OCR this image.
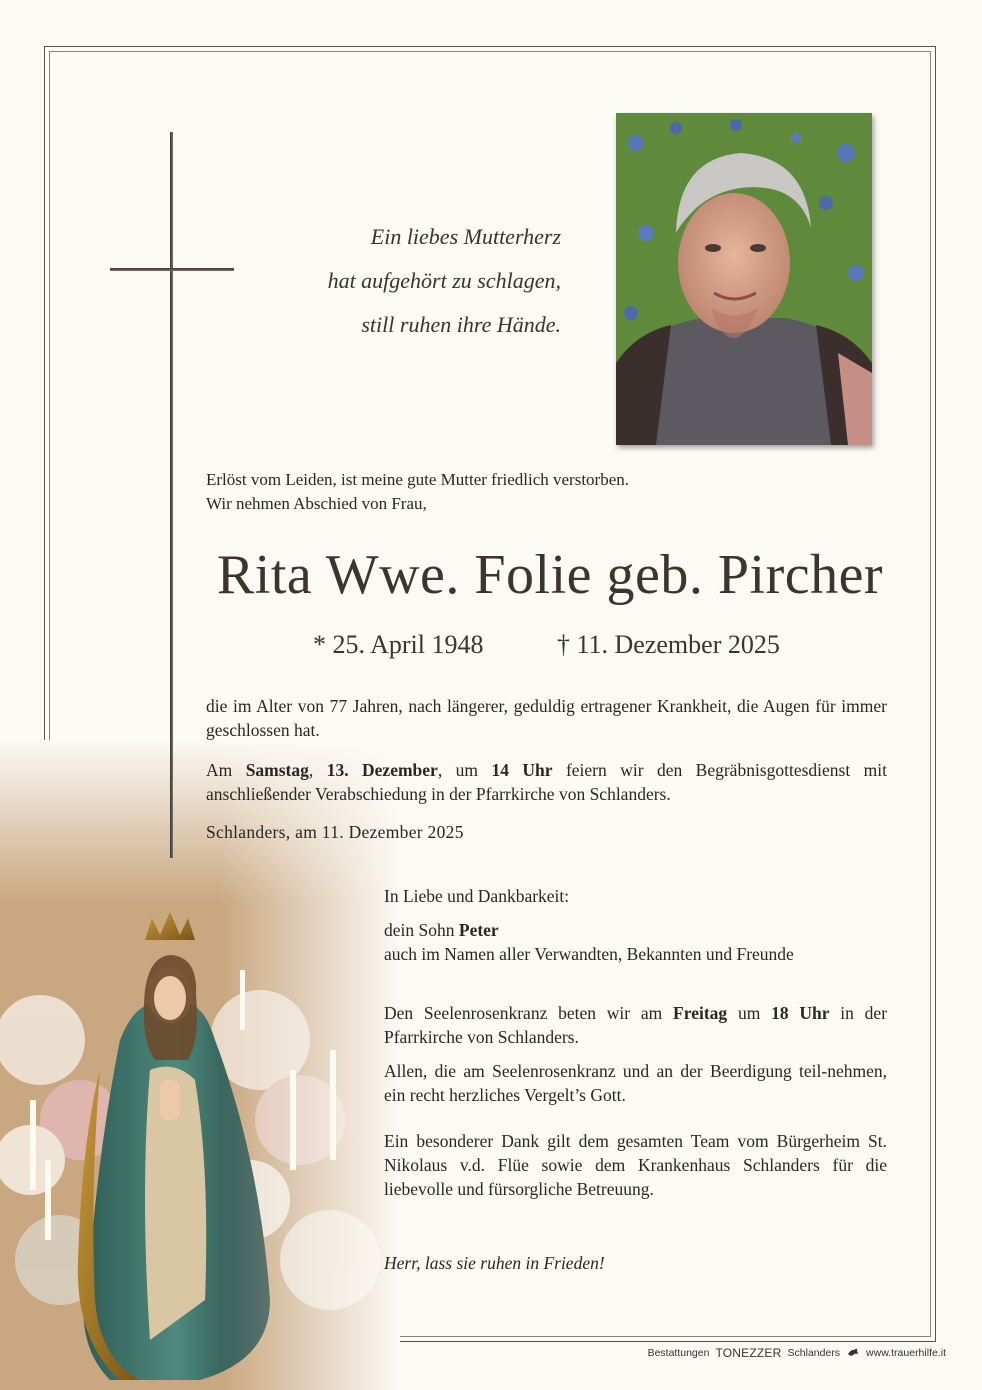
Ein liebes Mutterherz
hat aufgehört zu schlagen,
still ruhen ihre Hände.
Erlöst vom Leiden, ist meine gute Mutter friedlich verstorben.
Wir nehmen Abschied von Frau,
Rita Wwe. Folie geb. Pircher
* 25. April 1948	† 11. Dezember 2025
die im Alter von 77 Jahren, nach längerer, geduldig ertragener Krankheit, die Augen für immer geschlossen hat.
Am Samstag, 13. Dezember, um 14 Uhr feiern wir den Begräbnisgottesdienst mit anschließender Verabschiedung in der Pfarrkirche von Schlanders.
Schlanders, am 11. Dezember 2025
In Liebe und Dankbarkeit:
dein Sohn Peter
auch im Namen aller Verwandten, Bekannten und Freunde
Den Seelenrosenkranz beten wir am Freitag um 18 Uhr in der Pfarrkirche von Schlanders.
Allen, die am Seelenrosenkranz und an der Beerdigung teil-nehmen, ein recht herzliches Vergelt’s Gott.
Ein besonderer Dank gilt dem gesamten Team vom Bürgerheim St. Nikolaus v.d. Flüe sowie dem Krankenhaus Schlanders für die liebevolle und fürsorgliche Betreuung.
Herr, lass sie ruhen in Frieden!
Bestattungen TONEZZER Schlanders www.trauerhilfe.it
